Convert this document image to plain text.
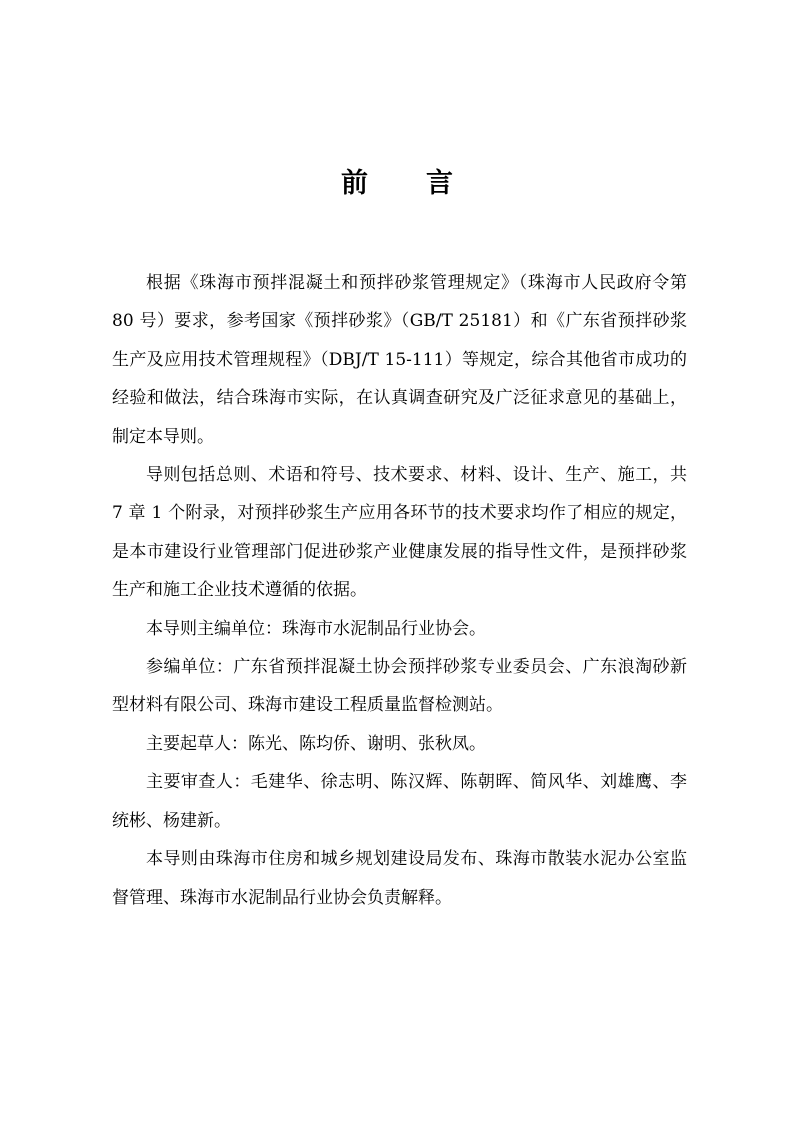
前 言

根据《珠海市预拌混凝土和预拌砂浆管理规定》（珠海市人民政府令第 80 号）要求，参考国家《预拌砂浆》（GB/T 25181）和《广东省预拌砂浆生产及应用技术管理规程》（DBJ/T 15-111）等规定，综合其他省市成功的经验和做法，结合珠海市实际，在认真调查研究及广泛征求意见的基础上，制定本导则。

导则包括总则、术语和符号、技术要求、材料、设计、生产、施工，共 7 章 1 个附录，对预拌砂浆生产应用各环节的技术要求均作了相应的规定，是本市建设行业管理部门促进砂浆产业健康发展的指导性文件，是预拌砂浆生产和施工企业技术遵循的依据。

本导则主编单位：珠海市水泥制品行业协会。

参编单位：广东省预拌混凝土协会预拌砂浆专业委员会、广东浪淘砂新型材料有限公司、珠海市建设工程质量监督检测站。

主要起草人：陈光、陈均侨、谢明、张秋凤。

主要审查人：毛建华、徐志明、陈汉辉、陈朝晖、简风华、刘雄鹰、李统彬、杨建新。

本导则由珠海市住房和城乡规划建设局发布、珠海市散装水泥办公室监督管理、珠海市水泥制品行业协会负责解释。
